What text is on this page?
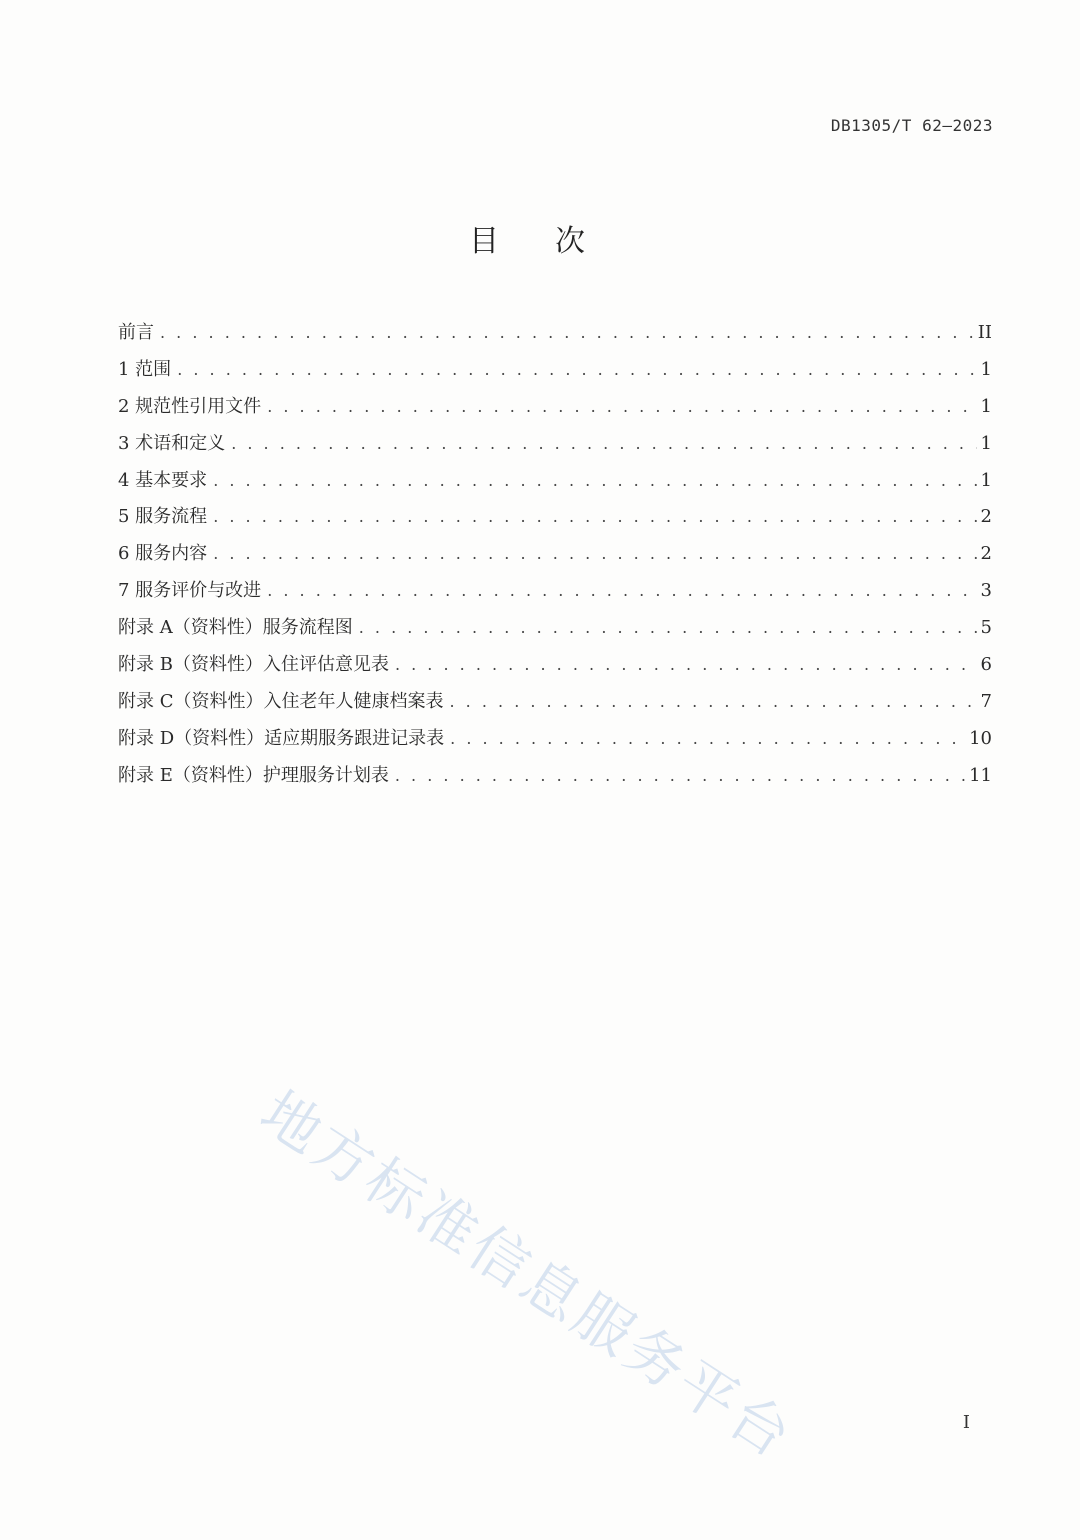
DB1305/T 62—2023
目次
前言 . . .	II
1 范围 . . .	1
2 规范性引用文件 . . .	1
3 术语和定义 . . .	1
4 基本要求 . . .	1
5 服务流程 . . .	2
6 服务内容 . . .	2
7 服务评价与改进 . . .	3
附录 A（资料性）服务流程图 . . .	5
附录 B（资料性）入住评估意见表 . . .	6
附录 C（资料性）入住老年人健康档案表 . . .	7
附录 D（资料性）适应期服务跟进记录表 . . .	10
附录 E（资料性）护理服务计划表 . . .	11
地方标准信息服务平台	I
